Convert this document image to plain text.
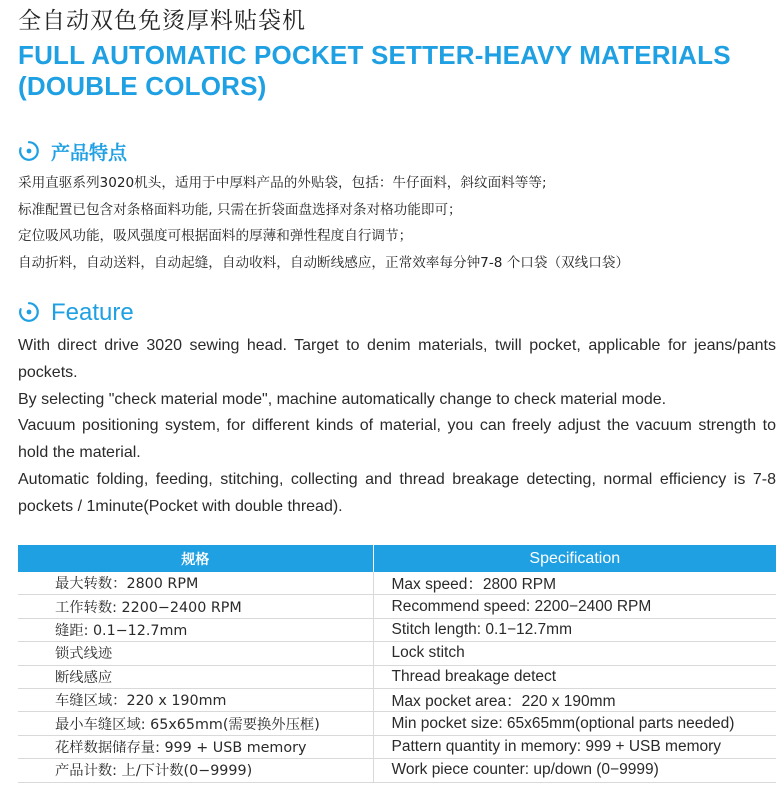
全自动双色免烫厚料贴袋机
FULL AUTOMATIC POCKET SETTER-HEAVY MATERIALS
(DOUBLE COLORS)
产品特点
采用直驱系列3020机头，适用于中厚料产品的外贴袋，包括：牛仔面料，斜纹面料等等;
标准配置已包含对条格面料功能, 只需在折袋面盘选择对条对格功能即可；
定位吸风功能，吸风强度可根据面料的厚薄和弹性程度自行调节；
自动折料，自动送料，自动起缝，自动收料，自动断线感应，正常效率每分钟7-8 个口袋（双线口袋）
Feature
With direct drive 3020 sewing head. Target to denim materials, twill pocket, applicable for jeans/pants pockets.
By selecting "check material mode", machine automatically change to check material mode.
Vacuum positioning system, for different kinds of material, you can freely adjust the vacuum strength to hold the material.
Automatic folding, feeding, stitching, collecting and thread breakage detecting, normal efficiency is 7-8 pockets / 1minute(Pocket with double thread).
规格	Specification
最大转数：2800 RPM	Max speed：2800 RPM
工作转数: 2200−2400 RPM	Recommend speed: 2200−2400 RPM
缝距: 0.1−12.7mm	Stitch length: 0.1−12.7mm
锁式线迹	Lock stitch
断线感应	Thread breakage detect
车缝区域：220 x 190mm	Max pocket area：220 x 190mm
最小车缝区域: 65x65mm(需要换外压框)	Min pocket size: 65x65mm(optional parts needed)
花样数据储存量: 999 + USB memory	Pattern quantity in memory: 999 + USB memory
产品计数: 上/下计数(0−9999)	Work piece counter: up/down (0−9999)
